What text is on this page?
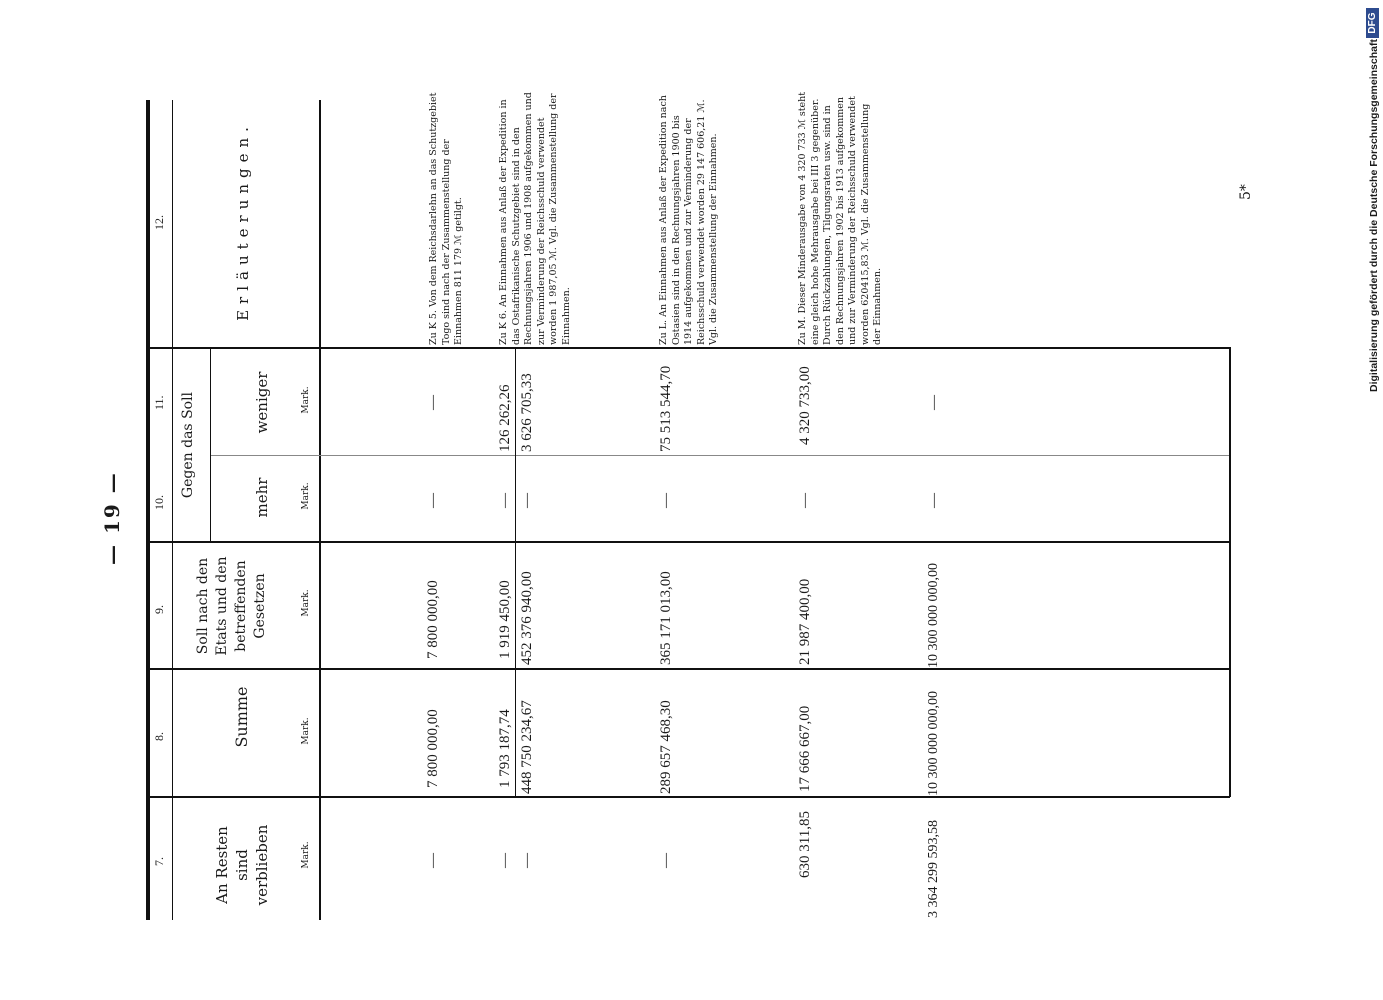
— 19 —
5*	Digitalisierung gefördert durch die Deutsche Forschungsgemeinschaft
DFG
7.
8.
9.
10.
11.
12.
An Resten sind verblieben
Summe
Soll nach den Etats und den betreffenden Gesetzen
Gegen das Soll	mehr
weniger
Erläuterungen.
Mark.
Mark.
Mark.
Mark.
Mark.
—
7 800 000,00
7 800 000,00
—
—
Zu K 5. Von dem Reichsdarlehn an das Schutzgebiet Togo sind nach der Zusammenstellung der Einnahmen 811 179 ℳ getilgt.
—
1 793 187,74
1 919 450,00
—
126 262,26
Zu K 6. An Einnahmen aus Anlaß der Expedition in das Ostafrikanische Schutzgebiet sind in den Rechnungsjahren 1906 und 1908 aufgekommen und zur Verminderung der Reichsschuld verwendet worden 1 987,05 ℳ. Vgl. die Zusammenstellung der Einnahmen.
—
448 750 234,67
452 376 940,00
—
3 626 705,33
—
289 657 468,30
365 171 013,00
—
75 513 544,70
Zu L. An Einnahmen aus Anlaß der Expedition nach Ostasien sind in den Rechnungsjahren 1900 bis 1914 aufgekommen und zur Verminderung der Reichsschuld verwendet worden 29 147 606,21 ℳ. Vgl. die Zusammenstellung der Einnahmen.
630 311,85
17 666 667,00
21 987 400,00
—
4 320 733,00
Zu M. Dieser Minderausgabe von 4 320 733 ℳ steht eine gleich hohe Mehrausgabe bei III 3 gegenüber. Durch Rückzahlungen, Tilgungsraten usw. sind in den Rechnungsjahren 1902 bis 1913 aufgekommen und zur Verminderung der Reichsschuld verwendet worden 620415,83 ℳ. Vgl. die Zusammenstellung der Einnahmen.
3 364 299 593,58
10 300 000 000,00
10 300 000 000,00
—
—
